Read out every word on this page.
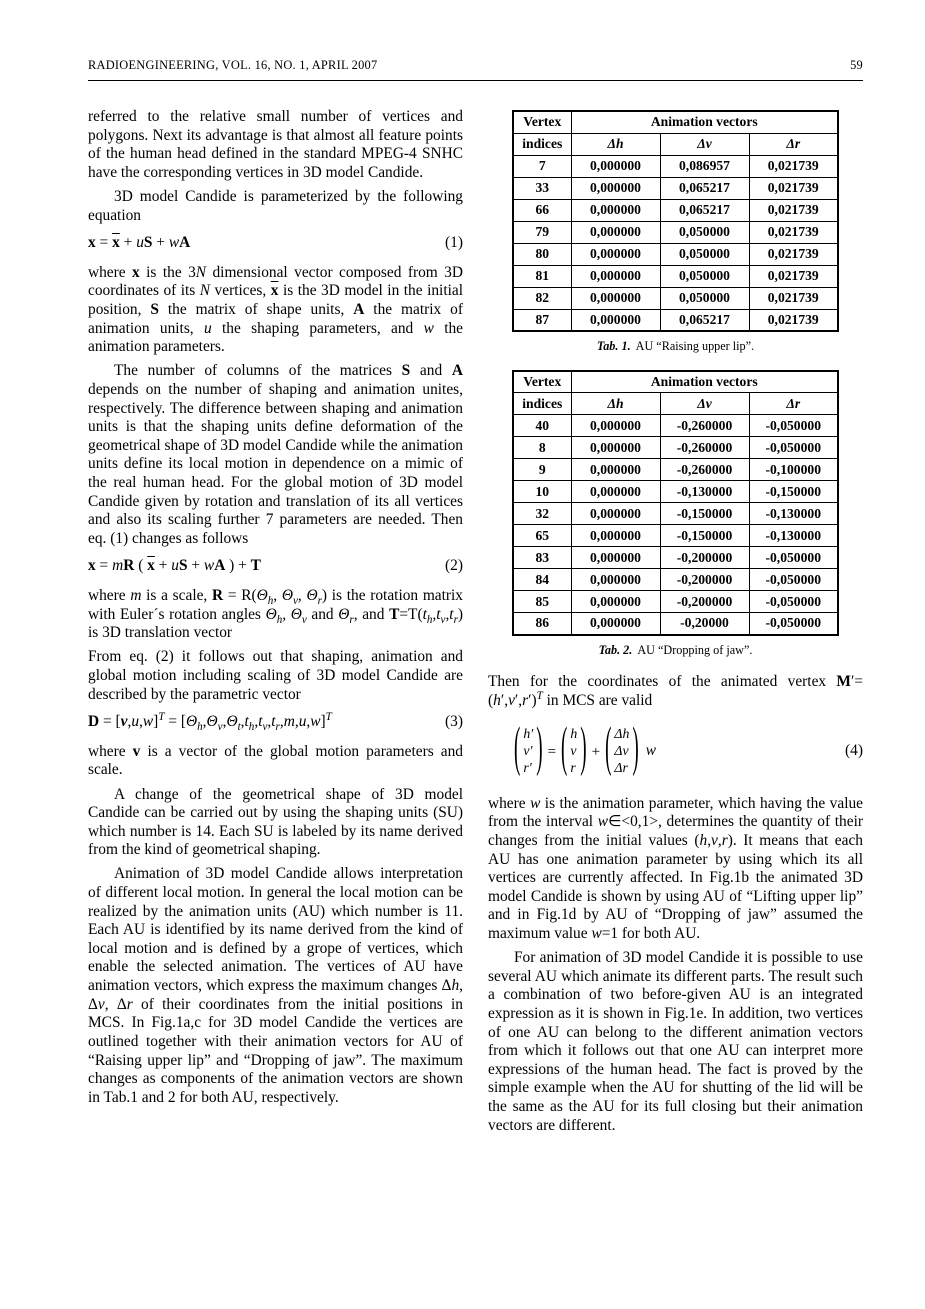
RADIOENGINEERING, VOL. 16, NO. 1, APRIL 2007	59

referred to the relative small number of vertices and polygons. Next its advantage is that almost all feature points of the human head defined in the standard MPEG-4 SNHC have the corresponding vertices in 3D model Candide.

3D model Candide is parameterized by the following equation

$x = \overline{x}$ + uS + wA	(1)

where x is the 3N dimensional vector composed from 3D coordinates of its N vertices, $\overline{x}$ is the 3D model in the initial position, S the matrix of shape units, A the matrix of animation units, u the shaping parameters, and w the animation parameters.

The number of columns of the matrices S and A depends on the number of shaping and animation unites, respectively. The difference between shaping and animation units is that the shaping units define deformation of the geometrical shape of 3D model Candide while the animation units define its local motion in dependence on a mimic of the real human head. For the global motion of 3D model Candide given by rotation and translation of its all vertices and also its scaling further 7 parameters are needed. Then eq. (1) changes as follows

x = mR ( $\overline{x}$ + uS + wA ) + T	(2)

where m is a scale, $R = R(\Theta_h$, $\Theta_v$, $\Theta_r$) is the rotation matrix with Euler´s rotation angles $\Theta_h$, $\Theta_v$ and $\Theta_r$, and $T=T(t_h,t_v,t_r)$ is 3D translation vector

From eq. (2) it follows out that shaping, animation and global motion including scaling of 3D model Candide are described by the parametric vector

$D = [\nu,u,w]^T = [\Theta_h,\Theta_v,\Theta_t,t_h,t_v,t_r,m,u,w]^T$	(3)

where v is a vector of the global motion parameters and scale.

A change of the geometrical shape of 3D model Candide can be carried out by using the shaping units (SU) which number is 14. Each SU is labeled by its name derived from the kind of geometrical shaping.

Animation of 3D model Candide allows interpretation of different local motion. In general the local motion can be realized by the animation units (AU) which number is 11. Each AU is identified by its name derived from the kind of local motion and is defined by a grope of vertices, which enable the selected animation. The vertices of AU have animation vectors, which express the maximum changes Δh, Δv, Δr of their coordinates from the initial positions in MCS. In Fig.1a,c for 3D model Candide the vertices are outlined together with their animation vectors for AU of “Raising upper lip” and “Dropping of jaw”. The maximum changes as components of the animation vectors are shown in Tab.1 and 2 for both AU, respectively.

Vertex	Animation vectors		
indices	Δh	Δv	Δr
7	0,000000	0,086957	0,021739
33	0,000000	0,065217	0,021739
66	0,000000	0,065217	0,021739
79	0,000000	0,050000	0,021739
80	0,000000	0,050000	0,021739
81	0,000000	0,050000	0,021739
82	0,000000	0,050000	0,021739
87	0,000000	0,065217	0,021739
Tab. 1. AU “Raising upper lip”.
Vertex	Animation vectors		
indices	Δh	Δv	Δr
40	0,000000	-0,260000	-0,050000
8	0,000000	-0,260000	-0,050000
9	0,000000	-0,260000	-0,100000
10	0,000000	-0,130000	-0,150000
32	0,000000	-0,150000	-0,130000
65	0,000000	-0,150000	-0,130000
83	0,000000	-0,200000	-0,050000
84	0,000000	-0,200000	-0,050000
85	0,000000	-0,200000	-0,050000
86	0,000000	-0,20000	-0,050000
Tab. 2. AU “Dropping of jaw”.

Then for the coordinates of the animated vertex $M'=(h',v',r')^T$ in MCS are valid

( h′
v′
r′ ) = ( h
v
r ) + ( Δh
Δv
Δr ) w	(4)

where w is the animation parameter, which having the value from the interval w∈<0,1>, determines the quantity of their changes from the initial values (h,v,r). It means that each AU has one animation parameter by using which its all vertices are currently affected. In Fig.1b the animated 3D model Candide is shown by using AU of “Lifting upper lip” and in Fig.1d by AU of “Dropping of jaw” assumed the maximum value w=1 for both AU.

For animation of 3D model Candide it is possible to use several AU which animate its different parts. The result such a combination of two before-given AU is an integrated expression as it is shown in Fig.1e. In addition, two vertices of one AU can belong to the different animation vectors from which it follows out that one AU can interpret more expressions of the human head. The fact is proved by the simple example when the AU for shutting of the lid will be the same as the AU for its full closing but their animation vectors are different.
